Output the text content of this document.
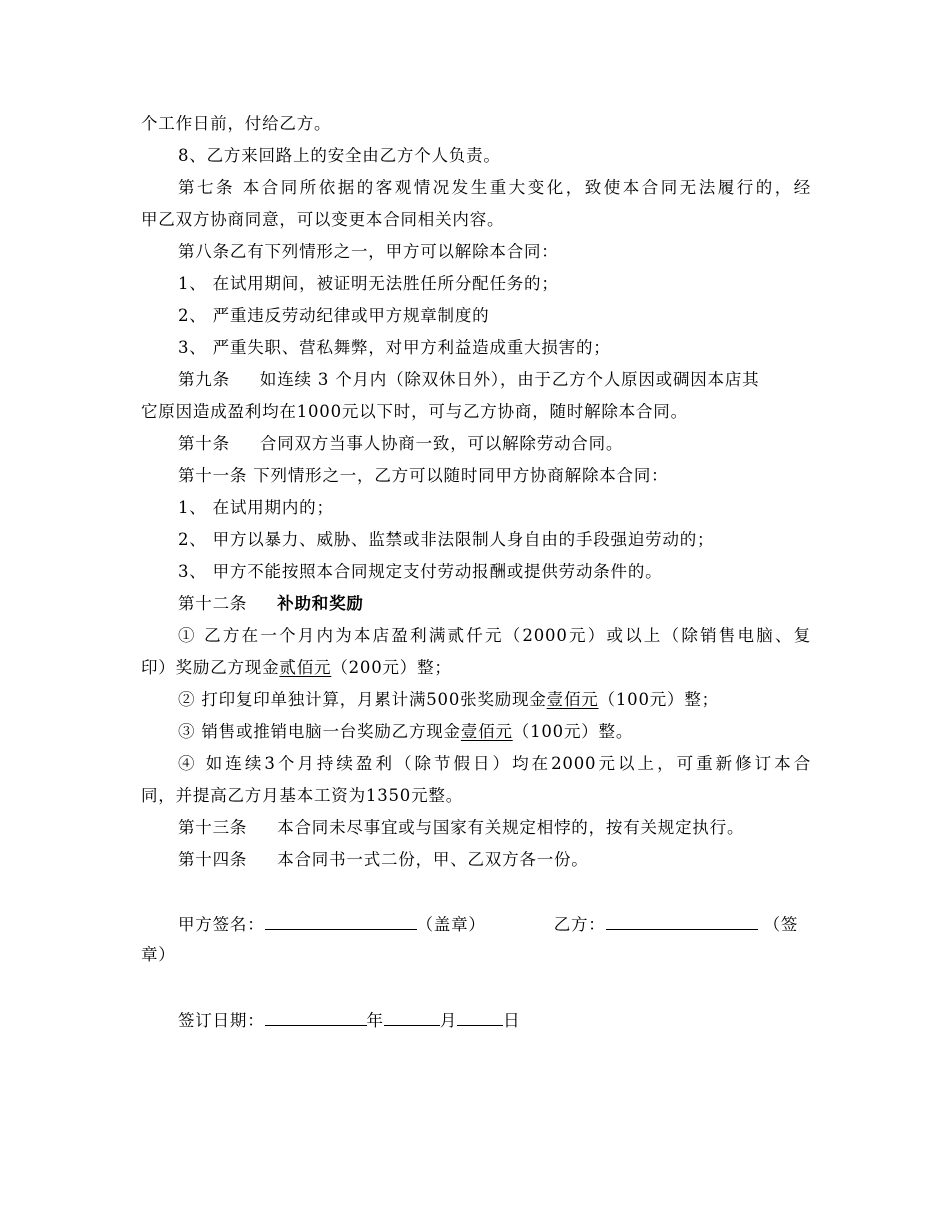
个工作日前，付给乙方。
8、乙方来回路上的安全由乙方个人负责。
第七条 本合同所依据的客观情况发生重大变化，致使本合同无法履行的，经
甲乙双方协商同意，可以变更本合同相关内容。
第八条乙有下列情形之一，甲方可以解除本合同：
1、 在试用期间，被证明无法胜任所分配任务的；
2、 严重违反劳动纪律或甲方规章制度的
3、 严重失职、营私舞弊，对甲方利益造成重大损害的；
第九条 如连续 3 个月内（除双休日外），由于乙方个人原因或碉因本店其
它原因造成盈利均在1000元以下时，可与乙方协商，随时解除本合同。
第十条 合同双方当事人协商一致，可以解除劳动合同。
第十一条 下列情形之一，乙方可以随时同甲方协商解除本合同：
1、 在试用期内的；
2、 甲方以暴力、威胁、监禁或非法限制人身自由的手段强迫劳动的；
3、 甲方不能按照本合同规定支付劳动报酬或提供劳动条件的。
第十二条 补助和奖励
① 乙方在一个月内为本店盈利满贰仟元（2000元）或以上（除销售电脑、复
印）奖励乙方现金贰佰元（200元）整；
② 打印复印单独计算，月累计满500张奖励现金壹佰元（100元）整；
③ 销售或推销电脑一台奖励乙方现金壹佰元（100元）整。
④ 如连续3个月持续盈利（除节假日）均在2000元以上，可重新修订本合
同，并提高乙方月基本工资为1350元整。
第十三条 本合同未尽事宜或与国家有关规定相悖的，按有关规定执行。
第十四条 本合同书一式二份，甲、乙双方各一份。
甲方签名：	（盖章）	乙方：	（签
章）
签订日期：	年	月	日
